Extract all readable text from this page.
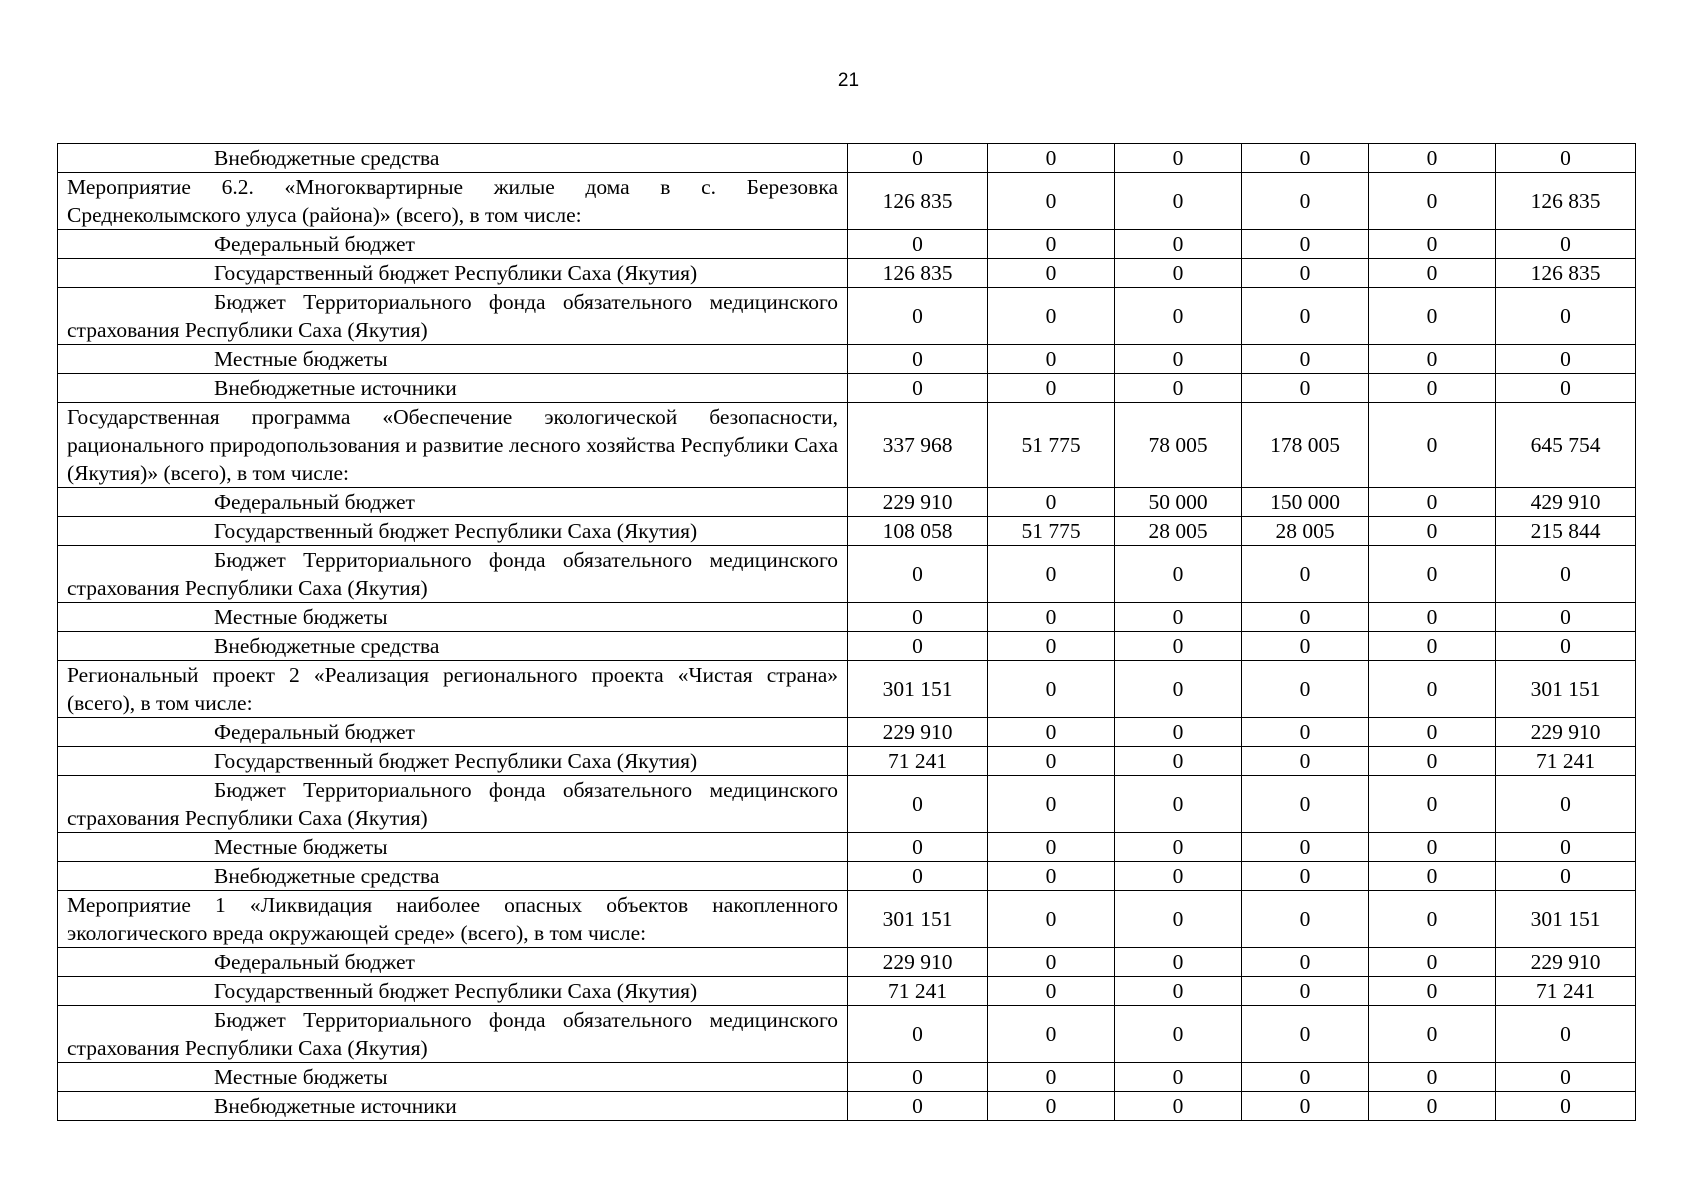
21
Внебюджетные средства	0	0	0	0	0	0
Мероприятие 6.2. «Многоквартирные жилые дома в с. Березовка Среднеколымского улуса (района)» (всего), в том числе:	126 835	0	0	0	0	126 835
Федеральный бюджет	0	0	0	0	0	0
Государственный бюджет Республики Саха (Якутия)	126 835	0	0	0	0	126 835
Бюджет Территориального фонда обязательного медицинского страхования Республики Саха (Якутия)	0	0	0	0	0	0
Местные бюджеты	0	0	0	0	0	0
Внебюджетные источники	0	0	0	0	0	0
Государственная программа «Обеспечение экологической безопасности, рационального природопользования и развитие лесного хозяйства Республики Саха (Якутия)» (всего), в том числе:	337 968	51 775	78 005	178 005	0	645 754
Федеральный бюджет	229 910	0	50 000	150 000	0	429 910
Государственный бюджет Республики Саха (Якутия)	108 058	51 775	28 005	28 005	0	215 844
Бюджет Территориального фонда обязательного медицинского страхования Республики Саха (Якутия)	0	0	0	0	0	0
Местные бюджеты	0	0	0	0	0	0
Внебюджетные средства	0	0	0	0	0	0
Региональный проект 2 «Реализация регионального проекта «Чистая страна» (всего), в том числе:	301 151	0	0	0	0	301 151
Федеральный бюджет	229 910	0	0	0	0	229 910
Государственный бюджет Республики Саха (Якутия)	71 241	0	0	0	0	71 241
Бюджет Территориального фонда обязательного медицинского страхования Республики Саха (Якутия)	0	0	0	0	0	0
Местные бюджеты	0	0	0	0	0	0
Внебюджетные средства	0	0	0	0	0	0
Мероприятие 1 «Ликвидация наиболее опасных объектов накопленного экологического вреда окружающей среде» (всего), в том числе:	301 151	0	0	0	0	301 151
Федеральный бюджет	229 910	0	0	0	0	229 910
Государственный бюджет Республики Саха (Якутия)	71 241	0	0	0	0	71 241
Бюджет Территориального фонда обязательного медицинского страхования Республики Саха (Якутия)	0	0	0	0	0	0
Местные бюджеты	0	0	0	0	0	0
Внебюджетные источники	0	0	0	0	0	0
